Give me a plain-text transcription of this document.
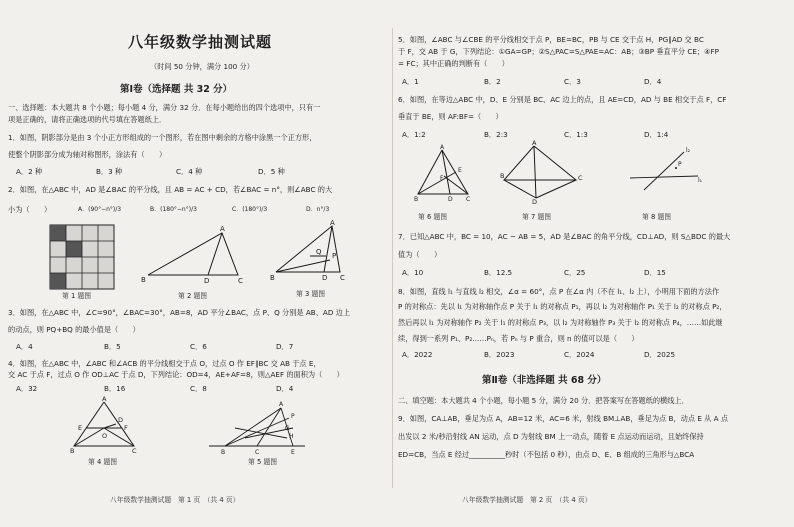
八年级数学抽测试题
（时间 50 分钟，满分 100 分）
第Ⅰ卷（选择题 共 32 分）
一、选择题：本大题共 8 个小题；每小题 4 分，满分 32 分．在每小题给出的四个选项中，只有一
项是正确的，请将正确选项的代号填在答题纸上．
1．如图，阴影部分是由 3 个小正方形组成的一个图形，若在图中剩余的方格中涂黑一个正方形，
使整个阴影部分成为轴对称图形，涂法有（　　）
A．2 种	B．3 种	C．4 种	D．5 种
2．如图，在△ABC 中，AD 是∠BAC 的平分线，且 AB = AC + CD，若∠BAC = n°，则∠ABC 的大
小为（　　）	A．(90°−n°)/3	B．(180°−n°)/3	C．(180°)/3	D．n°/3
第 1 题图
A
B	D	C
第 2 题图
A
B
Q P
D C
第 3 题图
3．如图，在△ABC 中，∠C=90°，∠BAC=30°，AB=8，AD 平分∠BAC，点 P、Q 分别是 AB、AD 边上
的动点，则 PQ+BQ 的最小值是（　　）
A．4	B．5	C．6	D．7
4．如图，在△ABC 中，∠ABC 和∠ACB 的平分线相交于点 O，过点 O 作 EF∥BC 交 AB 于点 E，
交 AC 于点 F，过点 O 作 OD⊥AC 于点 D，下列结论：OD=4，AE+AF=8，则△AEF 的面积为（　　）
A．32	B．16	C．8	D．4
A
E	F
O
D
B	C
第 4 题图
A
P
G
H
B	C	E
第 5 题图
八年级数学抽测试题　第 1 页　（共 4 页）
5．如图，∠ABC 与∠CBE 的平分线相交于点 P，BE=BC，PB 与 CE 交于点 H，PG∥AD 交 BC
于 F，交 AB 于 G，下列结论：①GA=GP；②S△PAC=S△PAE=AC：AB；③BP 垂直平分 CE；④FP
= FC；其中正确的判断有（　　）
A．1	B．2	C．3	D．4
6．如图，在等边△ABC 中，D、E 分别是 BC、AC 边上的点，且 AE=CD，AD 与 BE 相交于点 F，CF
垂直于 BE，则 AF:BF=（　　）
A．1:2	B．2:3	C．1:3	D．1:4
A
E
F
B	D C
第 6 题图
A
B	C
D
第 7 题图
l₂
l₁
P
第 8 题图
7．已知△ABC 中，BC = 10，AC − AB = 5，AD 是∠BAC 的角平分线，CD⊥AD，则 S△BDC 的最大
值为（　　）
A．10	B．12.5	C．25	D．15
8．如图，直线 l₁ 与直线 l₂ 相交，∠α = 60°，点 P 在∠α 内（不在 l₁、l₂ 上），小明用下面的方法作
P 的对称点：先以 l₁ 为对称轴作点 P 关于 l₁ 的对称点 P₁，再以 l₂ 为对称轴作 P₁ 关于 l₂ 的对称点 P₂，
然后再以 l₁ 为对称轴作 P₂ 关于 l₁ 的对称点 P₃，以 l₂ 为对称轴作 P₃ 关于 l₂ 的对称点 P₄，……如此继
续，得到一系列 P₁、P₂……Pₙ，若 Pₙ 与 P 重合，则 n 的值可以是（　　）
A．2022	B．2023	C．2024	D．2025
第Ⅱ卷（非选择题 共 68 分）
二、填空题：本大题共 4 个小题，每小题 5 分，满分 20 分．把答案写在答题纸的横线上．
9．如图，CA⊥AB，垂足为点 A，AB=12 米，AC=6 米，射线 BM⊥AB，垂足为点 B，动点 E 从 A 点
出发以 2 米/秒沿射线 AN 运动，点 D 为射线 BM 上一动点，随着 E 点运动而运动，且始终保持
ED=CB，当点 E 经过__________秒时（不包括 0 秒），由点 D、E、B 组成的三角形与△BCA
八年级数学抽测试题　第 2 页　（共 4 页）
